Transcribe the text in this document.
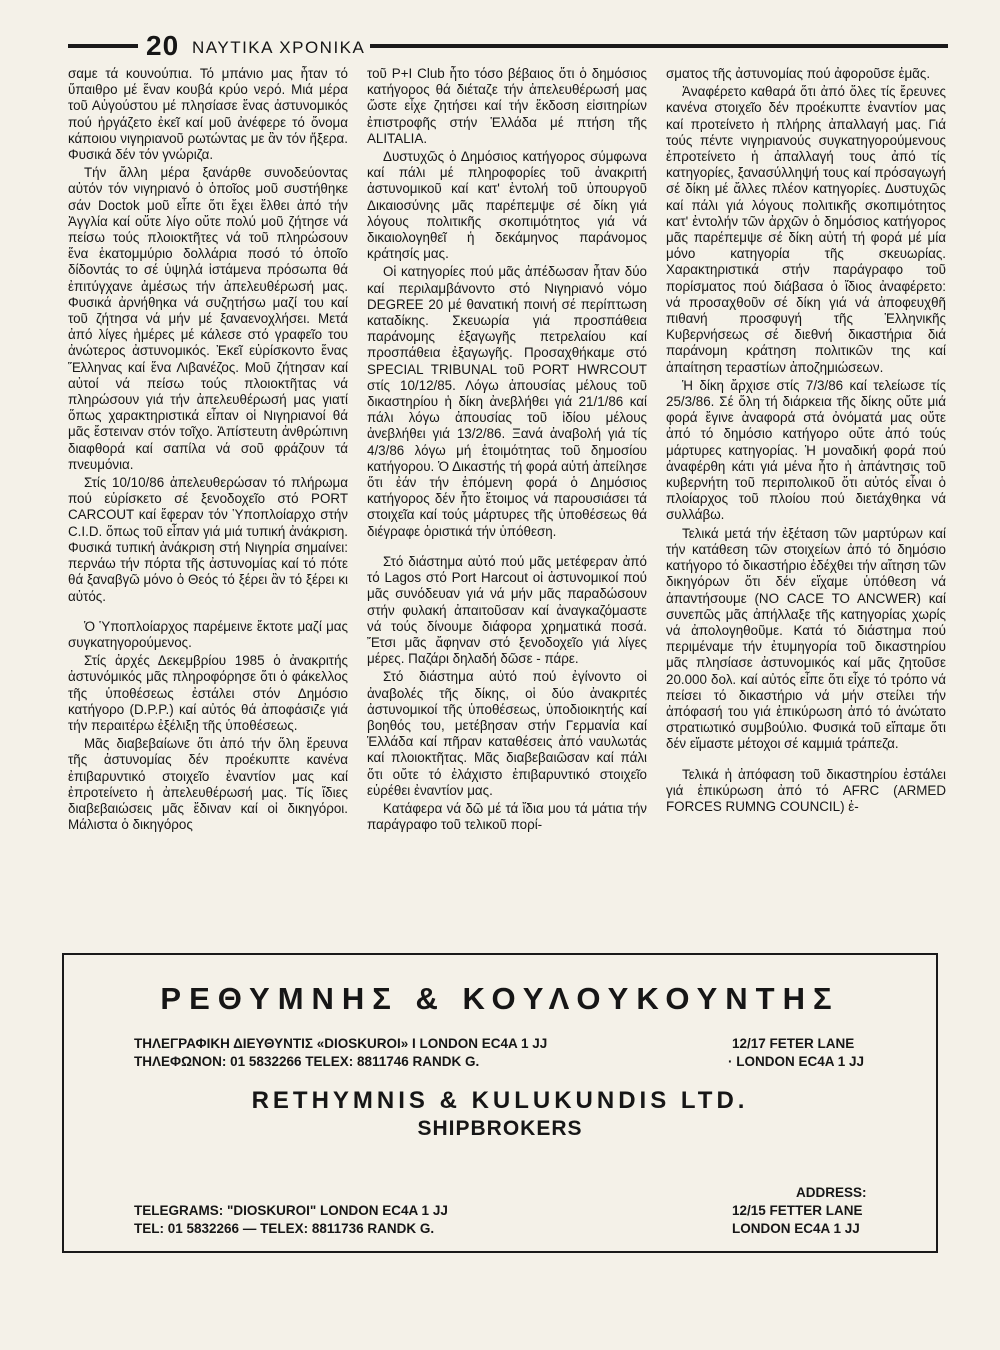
20 ΝΑΥΤΙΚΑ ΧΡΟΝΙΚΑ

σαμε τά κουνούπια. Τό μπάνιο μας ἦταν τό ὕπαιθρο μέ ἕναν κουβά κρύο νερό. Μιά μέρα τοῦ Αὐγούστου μέ πλησίασε ἕνας ἀστυνομικός πού ἠργάζετο ἐκεῖ καί μοῦ ἀνέφερε τό ὄνομα κάποιου νιγηριανοῦ ρωτώντας με ἂν τόν ἤξερα. Φυσικά δέν τόν γνώριζα.

Τήν ἄλλη μέρα ξανάρθε συνοδεύοντας αὐτόν τόν νιγηριανό ὁ ὁποῖος μοῦ συστήθηκε σάν Doctok μοῦ εἶπε ὅτι ἔχει ἔλθει ἀπό τήν Ἀγγλία καί οὔτε λίγο οὔτε πολύ μοῦ ζήτησε νά πείσω τούς πλοιοκτῆτες νά τοῦ πληρώσουν ἕνα ἑκατομμύριο δολλάρια ποσό τό ὁποῖο δίδοντάς το σέ ὑψηλά ἱστάμενα πρόσωπα θά ἐπιτύγχανε ἀμέσως τήν ἀπελευθέρωσή μας. Φυσικά ἀρνήθηκα νά συζητήσω μαζί του καί τοῦ ζήτησα νά μήν μέ ξαναενοχλήσει. Μετά ἀπό λίγες ἡμέρες μέ κάλεσε στό γραφεῖο του ἀνώτερος ἀστυνομικός. Ἐκεῖ εὑρίσκοντο ἕνας Ἕλληνας καί ἕνα Λιβανέζος. Μοῦ ζήτησαν καί αὐτοί νά πείσω τούς πλοιοκτῆτας νά πληρώσουν γιά τήν ἀπελευθέρωσή μας γιατί ὅπως χαρακτηριστικά εἶπαν οἱ Νιγηριανοί θά μᾶς ἔστειναν στόν τοῖχο. Ἀπίστευτη ἀνθρώπινη διαφθορά καί σαπίλα νά σοῦ φράζουν τά πνευμόνια.

Στίς 10/10/86 ἀπελευθερώσαν τό πλήρωμα πού εὑρίσκετο σέ ξενοδοχεῖο στό PORT CARCOUT καί ἔφεραν τόν Ὑποπλοίαρχο στήν C.I.D. ὅπως τοῦ εἶπαν γιά μιά τυπική ἀνάκριση. Φυσικά τυπική ἀνάκριση στή Νιγηρία σημαίνει: περνάω τήν πόρτα τῆς ἀστυνομίας καί τό πότε θά ξαναβγῶ μόνο ὁ Θεός τό ξέρει ἂν τό ξέρει κι αὐτός.

Ὁ Ὑποπλοίαρχος παρέμεινε ἔκτοτε μαζί μας συγκατηγορούμενος.

Στίς ἀρχές Δεκεμβρίου 1985 ὁ ἀνακριτής ἀστυνόμικός μᾶς πληροφόρησε ὅτι ὁ φάκελλος τῆς ὑποθέσεως ἐστάλει στόν Δημόσιο κατήγορο (D.P.P.) καί αὐτός θά ἀποφάσιζε γιά τήν περαιτέρω ἐξέλιξη τῆς ὑποθέσεως.

Μᾶς διαβεβαίωνε ὅτι ἀπό τήν ὅλη ἔρευνα τῆς ἀστυνομίας δέν προέκυπτε κανένα ἐπιβαρυντικό στοιχεῖο ἐναντίον μας καί ἐπροτείνετο ἡ ἀπελευθέρωσή μας. Τίς ἴδιες διαβεβαιώσεις μᾶς ἔδιναν καί οἱ δικηγόροι. Μάλιστα ὁ δικηγόρος

τοῦ P+I Club ἦτο τόσο βέβαιος ὅτι ὁ δημόσιος κατήγορος θά διέταζε τήν ἀπελευθέρωσή μας ὥστε εἶχε ζητήσει καί τήν ἔκδοση εἰσιτηρίων ἐπιστροφῆς στήν Ἑλλάδα μέ πτήση τῆς ALITALIA.

Δυστυχῶς ὁ Δημόσιος κατήγορος σύμφωνα καί πάλι μέ πληροφορίες τοῦ ἀνακριτή ἀστυνομικοῦ καί κατ' ἐντολή τοῦ ὑπουργοῦ Δικαιοσύνης μᾶς παρέπεμψε σέ δίκη γιά λόγους πολιτικῆς σκοπιμότητος γιά νά δικαιολογηθεῖ ἡ δεκάμηνος παράνομος κράτησίς μας.

Οἱ κατηγορίες πού μᾶς ἀπέδωσαν ἦταν δύο καί περιλαμβάνοντο στό Νιγηριανό νόμο DEGREE 20 μέ θανατική ποινή σέ περίπτωση καταδίκης. Σκευωρία γιά προσπάθεια παράνομης ἐξαγωγῆς πετρελαίου καί προσπάθεια ἐξαγωγῆς. Προσαχθήκαμε στό SPECIAL TRIBUNAL τοῦ PORT HWRCOUT στίς 10/12/85. Λόγω ἀπουσίας μέλους τοῦ δικαστηρίου ἡ δίκη ἀνεβλήθει γιά 21/1/86 καί πάλι λόγω ἀπουσίας τοῦ ἰδίου μέλους ἀνεβλήθει γιά 13/2/86. Ξανά ἀναβολή γιά τίς 4/3/86 λόγω μή ἑτοιμότητας τοῦ δημοσίου κατήγορου. Ὁ Δικαστής τή φορά αὐτή ἀπείλησε ὅτι ἐάν τήν ἑπόμενη φορά ὁ Δημόσιος κατήγορος δέν ἦτο ἕτοιμος νά παρουσιάσει τά στοιχεῖα καί τούς μάρτυρες τῆς ὑποθέσεως θά διέγραφε ὁριστικά τήν ὑπόθεση.

Στό διάστημα αὐτό πού μᾶς μετέφεραν ἀπό τό Lagos στό Port Harcout οἱ ἀστυνομικοί πού μᾶς συνόδευαν γιά νά μήν μᾶς παραδώσουν στήν φυλακή ἀπαιτοῦσαν καί ἀναγκαζόμαστε νά τούς δίνουμε διάφορα χρηματικά ποσά. Ἔτσι μᾶς ἄφηναν στό ξενοδοχεῖο γιά λίγες μέρες. Παζάρι δηλαδή δῶσε - πάρε.

Στό διάστημα αὐτό πού ἐγίνοντο οἱ ἀναβολές τῆς δίκης, οἱ δύο ἀνακριτές ἀστυνομικοί τῆς ὑποθέσεως, ὑποδιοικητής καί βοηθός του, μετέβησαν στήν Γερμανία καί Ἑλλάδα καί πῆραν καταθέσεις ἀπό ναυλωτάς καί πλοιοκτῆτας. Μᾶς διαβεβαιῶσαν καί πάλι ὅτι οὔτε τό ἐλάχιστο ἐπιβαρυντικό στοιχεῖο εὑρέθει ἐναντίον μας.

Κατάφερα νά δῶ μέ τά ἴδια μου τά μάτια τήν παράγραφο τοῦ τελικοῦ πορί-

σματος τῆς ἀστυνομίας πού ἀφοροῦσε ἐμᾶς.

Ἀναφέρετο καθαρά ὅτι ἀπό ὅλες τίς ἔρευνες κανένα στοιχεῖο δέν προέκυπτε ἐναντίον μας καί προτείνετο ἡ πλήρης ἀπαλλαγή μας. Γιά τούς πέντε νιγηριανούς συγκατηγορούμενους ἐπροτείνετο ἡ ἀπαλλαγή τους ἀπό τίς κατηγορίες, ξανασύλληψή τους καί πρόσαγωγή σέ δίκη μέ ἄλλες πλέον κατηγορίες. Δυστυχῶς καί πάλι γιά λόγους πολιτικῆς σκοπιμότητος κατ' ἐντολήν τῶν ἀρχῶν ὁ δημόσιος κατήγορος μᾶς παρέπεμψε σέ δίκη αὐτή τή φορά μέ μία μόνο κατηγορία τῆς σκευωρίας. Χαρακτηριστικά στήν παράγραφο τοῦ πορίσματος πού διάβασα ὁ ἴδιος ἀναφέρετο: νά προσαχθοῦν σέ δίκη γιά νά ἀποφευχθῆ πιθανή προσφυγή τῆς Ἑλληνικῆς Κυβερνήσεως σέ διεθνή δικαστήρια διά παράνομη κράτηση πολιτικῶν της καί ἀπαίτηση τεραστίων ἀποζημιώσεων.

Ἡ δίκη ἄρχισε στίς 7/3/86 καί τελείωσε τίς 25/3/86. Σέ ὅλη τή διάρκεια τῆς δίκης οὔτε μιά φορά ἔγινε ἀναφορά στά ὀνόματά μας οὔτε ἀπό τό δημόσιο κατήγορο οὔτε ἀπό τούς μάρτυρες κατηγορίας. Ἡ μοναδική φορά πού ἀναφέρθη κάτι γιά μένα ἦτο ἡ ἀπάντησις τοῦ κυβερνήτη τοῦ περιπολικοῦ ὅτι αὐτός εἶναι ὁ πλοίαρχος τοῦ πλοίου πού διετάχθηκα νά συλλάβω.

Τελικά μετά τήν ἐξέταση τῶν μαρτύρων καί τήν κατάθεση τῶν στοιχείων ἀπό τό δημόσιο κατήγορο τό δικαστήριο ἐδέχθει τήν αἴτηση τῶν δικηγόρων ὅτι δέν εἴχαμε ὑπόθεση νά ἀπαντήσουμε (NO CACE TO ANCWER) καί συνεπῶς μᾶς ἀπήλλαξε τῆς κατηγορίας χωρίς νά ἀπολογηθοῦμε. Κατά τό διάστημα πού περιμέναμε τήν ἐτυμηγορία τοῦ δικαστηρίου μᾶς πλησίασε ἀστυνομικός καί μᾶς ζητοῦσε 20.000 δολ. καί αὐτός εἶπε ὅτι εἶχε τό τρόπο νά πείσει τό δικαστήριο νά μήν στείλει τήν ἀπόφασή του γιά ἐπικύρωση ἀπό τό ἀνώτατο στρατιωτικό συμβούλιο. Φυσικά τοῦ εἴπαμε ὅτι δέν εἴμαστε μέτοχοι σέ καμμιά τράπεζα.

Τελικά ἡ ἀπόφαση τοῦ δικαστηρίου ἐστάλει γιά ἐπικύρωση ἀπό τό AFRC (ARMED FORCES RUMNG COUNCIL) ἐ-

ΡΕΘΥΜΝΗΣ & ΚΟΥΛΟΥΚΟΥΝΤΗΣ
ΤΗΛΕΓΡΑΦΙΚΗ ΔΙΕΥΘΥΝΤΙΣ «DIOSKUROI» I LONDON EC4A 1 JJ
ΤΗΛΕΦΩΝΟΝ: 01 5832266 TELEX: 8811746 RANDK G.
12/17 FETER LANE
· LONDON EC4A 1 JJ
RETHYMNIS & KULUKUNDIS LTD.
SHIPBROKERS
ADDRESS:
12/15 FETTER LANE
LONDON EC4A 1 JJ
TELEGRAMS: "DIOSKUROI" LONDON EC4A 1 JJ
TEL: 01 5832266 — TELEX: 8811736 RANDK G.
